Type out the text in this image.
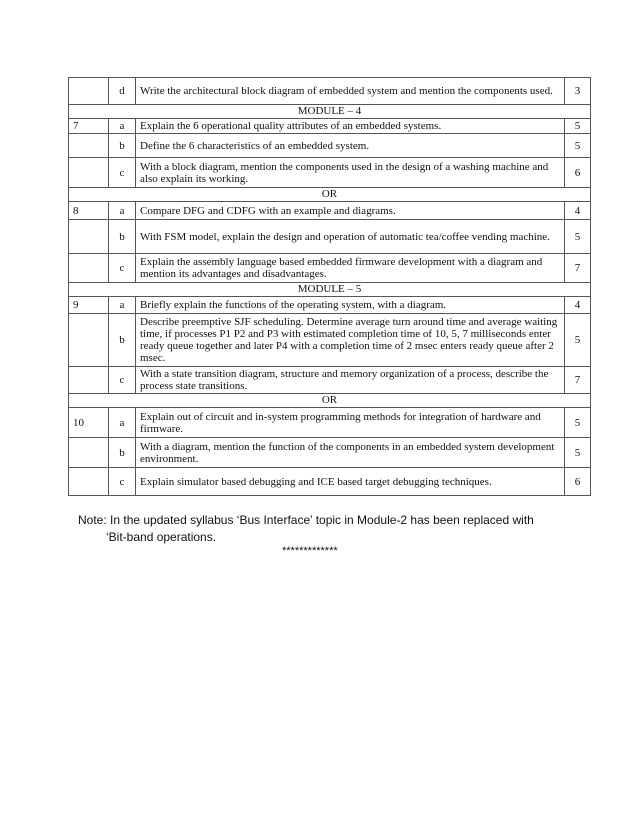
	d	Write the architectural block diagram of embedded system and mention the components used.	3
MODULE – 4			
7	a	Explain the 6 operational quality attributes of an embedded systems.	5
	b	Define the 6 characteristics of an embedded system.	5
	c	With a block diagram, mention the components used in the design of a washing machine and also explain its working.	6
OR			
8	a	Compare DFG and CDFG with an example and diagrams.	4
	b	With FSM model, explain the design and operation of automatic tea/coffee vending machine.	5
	c	Explain the assembly language based embedded firmware development with a diagram and mention its advantages and disadvantages.	7
MODULE – 5			
9	a	Briefly explain the functions of the operating system, with a diagram.	4
	b	Describe preemptive SJF scheduling. Determine average turn around time and average waiting time, if processes P1 P2 and P3 with estimated completion time of 10, 5, 7 milliseconds enter ready queue together and later P4 with a completion time of 2 msec enters ready queue after 2 msec.	5
	c	With a state transition diagram, structure and memory organization of a process, describe the process state transitions.	7
OR			
10	a	Explain out of circuit and in-system programming methods for integration of hardware and firmware.	5
	b	With a diagram, mention the function of the components in an embedded system development environment.	5
	c	Explain simulator based debugging and ICE based target debugging techniques.	6
Note: In the updated syllabus ‘Bus Interface’ topic in Module-2 has been replaced with
‘Bit-band operations.
*************
